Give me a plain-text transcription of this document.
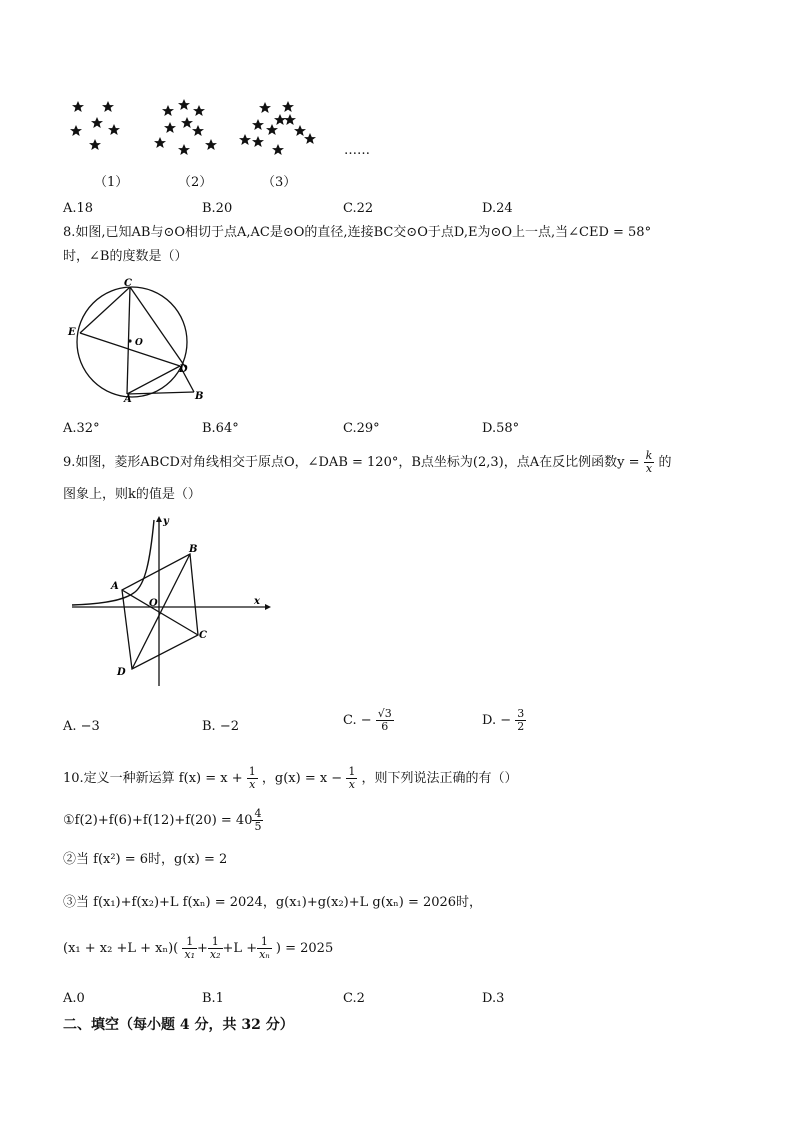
……
（1）	（2）	（3）
A.18	B.20	C.22	D.24
8.如图,已知AB与⊙O相切于点A,AC是⊙O的直径,连接BC交⊙O于点D,E为⊙O上一点,当∠CED = 58°
时，∠B的度数是（）
C
E
O
D
A	B
A.32°	B.64°	C.29°	D.58°
9.如图，菱形ABCD对角线相交于原点O，∠DAB = 120°，B点坐标为(2,3)，点A在反比例函数$y = \frac{k}{x}$ 的
图象上，则k的值是（）
y
x
A
B
O
C
D
A. −3	B. −2	C. − $\frac{√3}{6}$	D. − $\frac{3}{2}$
10.定义一种新运算 $f(x) = x + \frac{1}{x}$ ，$g(x) = x - \frac{1}{x}$ ，则下列说法正确的有（）
①f(2)+f(6)+f(12)+f(20) = $40 \frac{4}{5}$
②当 f(x²) = 6时，g(x) = 2
③当 f(x₁)+f(x₂)+L f(xₙ) = 2024，g(x₁)+g(x₂)+L g(xₙ) = 2026时，
$(x_1 + x_2 +L + x_n)( \frac{1}{\text{x₁}} + \frac{1}{\text{x₂}} +L + \frac{1}{\text{xₙ}}$ ) = 2025
A.0	B.1	C.2	D.3
二、填空（每小题 4 分，共 32 分）
